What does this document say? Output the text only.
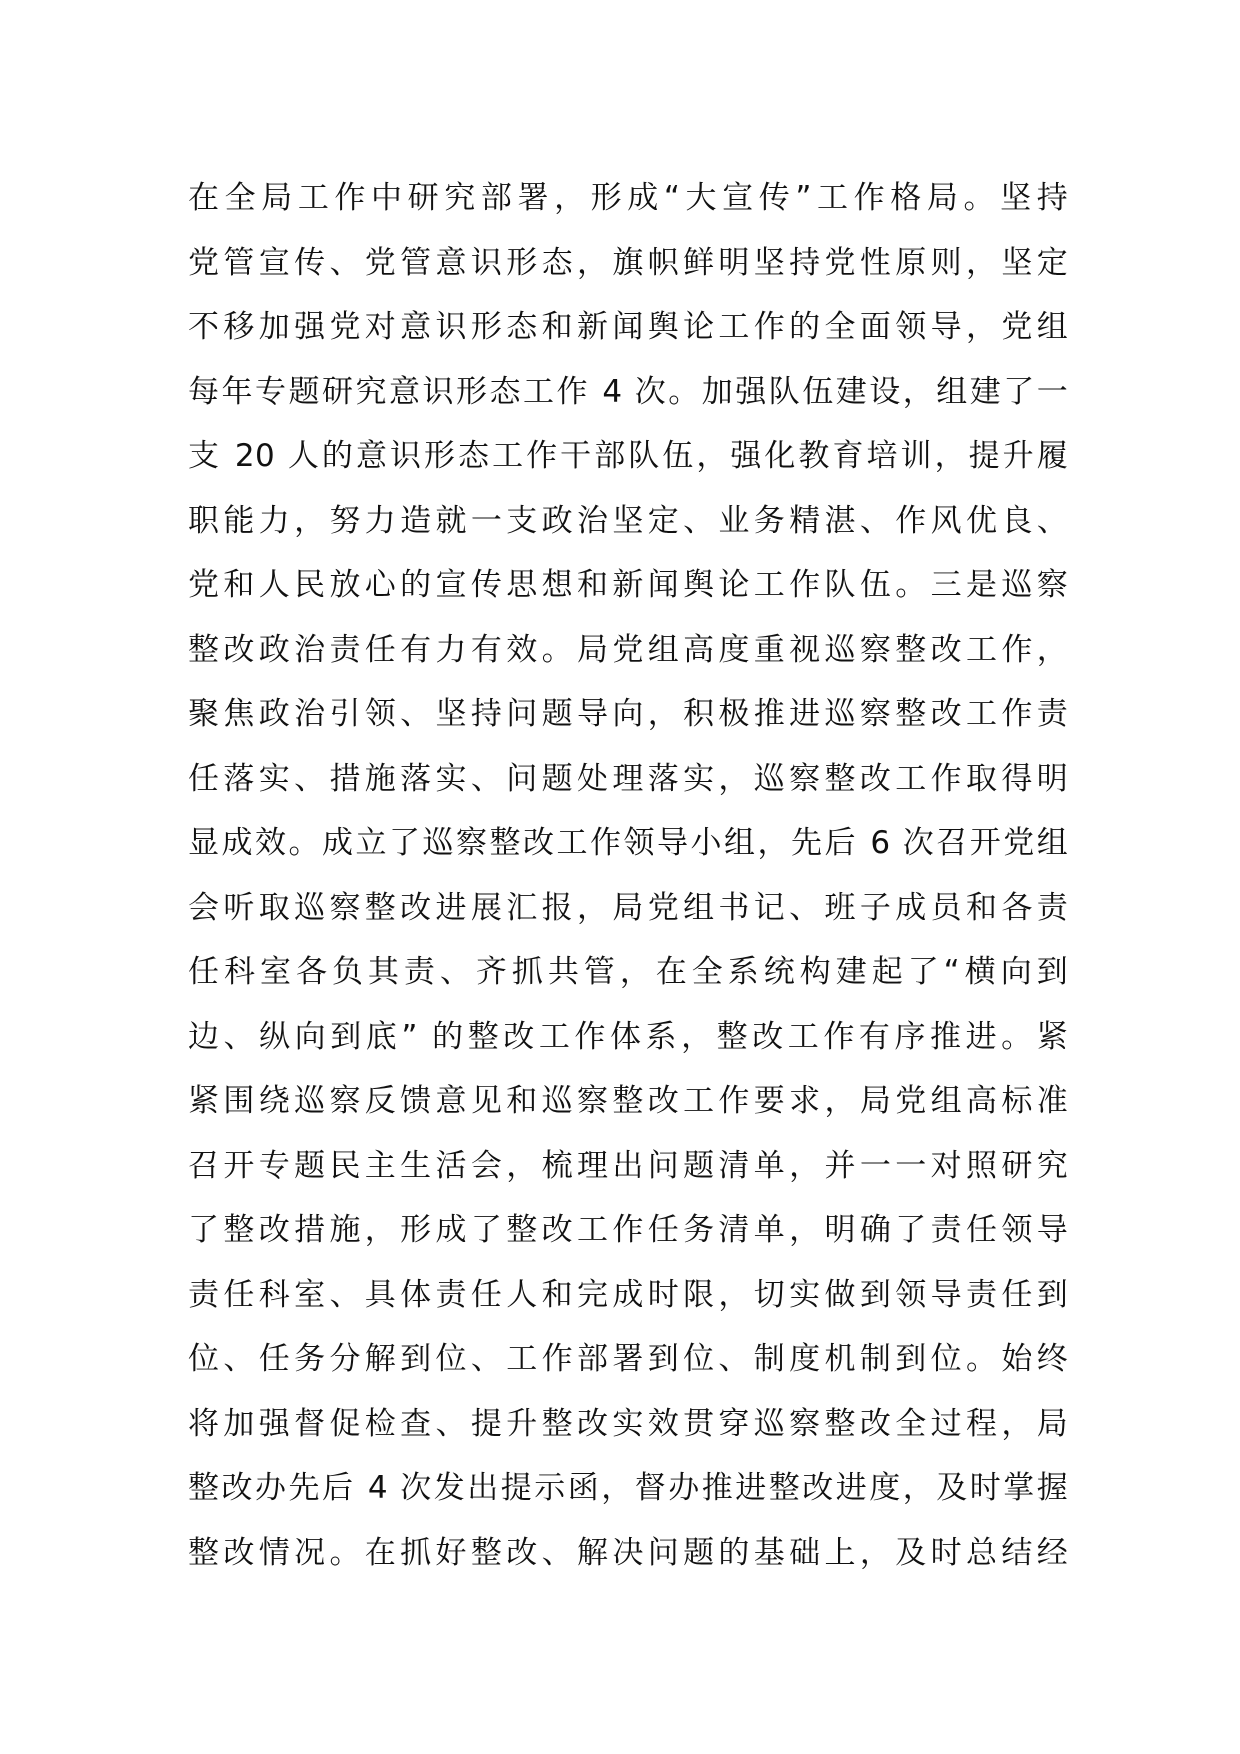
在全局工作中研究部署，形成“大宣传”工作格局。坚持
党管宣传、党管意识形态，旗帜鲜明坚持党性原则，坚定
不移加强党对意识形态和新闻舆论工作的全面领导，党组
每年专题研究意识形态工作 4 次。加强队伍建设，组建了一
支 20 人的意识形态工作干部队伍，强化教育培训，提升履
职能力，努力造就一支政治坚定、业务精湛、作风优良、
党和人民放心的宣传思想和新闻舆论工作队伍。三是巡察
整改政治责任有力有效。局党组高度重视巡察整改工作，
聚焦政治引领、坚持问题导向，积极推进巡察整改工作责
任落实、措施落实、问题处理落实，巡察整改工作取得明
显成效。成立了巡察整改工作领导小组，先后 6 次召开党组
会听取巡察整改进展汇报，局党组书记、班子成员和各责
任科室各负其责、齐抓共管，在全系统构建起了“横向到
边、纵向到底” 的整改工作体系，整改工作有序推进。紧
紧围绕巡察反馈意见和巡察整改工作要求，局党组高标准
召开专题民主生活会，梳理出问题清单，并一一对照研究
了整改措施，形成了整改工作任务清单，明确了责任领导
责任科室、具体责任人和完成时限，切实做到领导责任到
位、任务分解到位、工作部署到位、制度机制到位。始终
将加强督促检查、提升整改实效贯穿巡察整改全过程，局
整改办先后 4 次发出提示函，督办推进整改进度，及时掌握
整改情况。在抓好整改、解决问题的基础上，及时总结经
